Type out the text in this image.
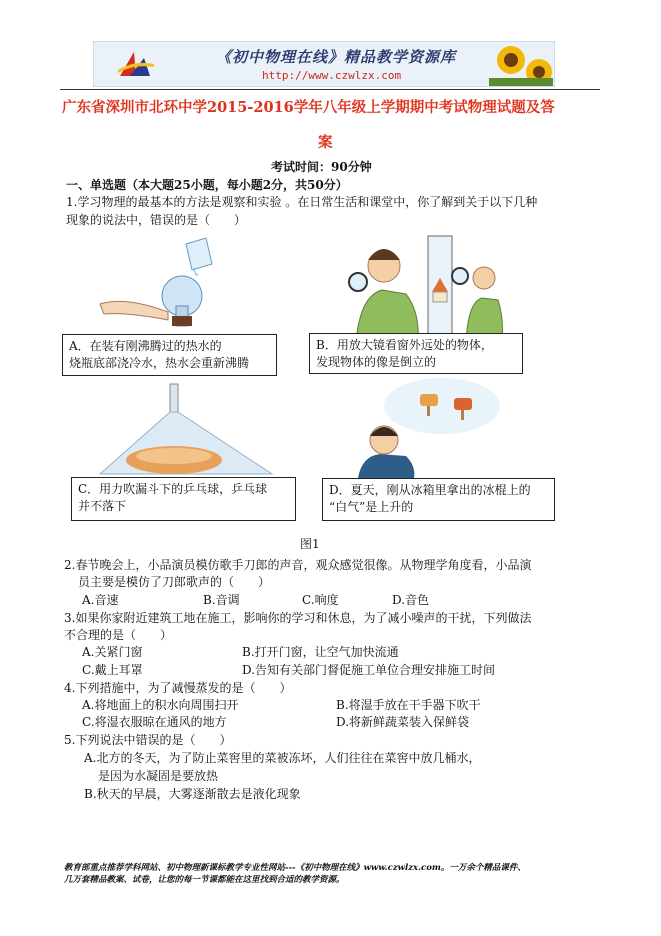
《初中物理在线》精品教学资源库
http://www.czwlzx.com
广东省深圳市北环中学2015-2016学年八年级上学期期中考试物理试题及答
案
考试时间：90分钟
一、单选题（本大题25小题，每小题2分，共50分）
1.学习物理的最基本的方法是观察和实验 。在日常生活和课堂中，你了解到关于以下几种
现象的说法中，错误的是（　　）
A．在装有刚沸腾过的热水的
烧瓶底部浇冷水，热水会重新沸腾
B．用放大镜看窗外远处的物体，
发现物体的像是倒立的
C．用力吹漏斗下的乒乓球，乒乓球
并不落下
D．夏天，刚从冰箱里拿出的冰棍上的
“白气”是上升的
图1
2.春节晚会上，小品演员模仿歌手刀郎的声音，观众感觉很像。从物理学角度看，小品演
员主要是模仿了刀郎歌声的（　　）
A.音速	B.音调	C.响度	D.音色
3.如果你家附近建筑工地在施工，影响你的学习和休息，为了减小噪声的干扰，下列做法
不合理的是（　　）
A.关紧门窗	B.打开门窗，让空气加快流通
C.戴上耳罩	D.告知有关部门督促施工单位合理安排施工时间
4.下列措施中，为了减慢蒸发的是（　　）
A.将地面上的积水向周围扫开	B.将湿手放在干手器下吹干
C.将湿衣服晾在通风的地方	D.将新鲜蔬菜装入保鲜袋
5.下列说法中错误的是（　　）
A.北方的冬天，为了防止菜窖里的菜被冻坏，人们往往在菜窖中放几桶水，
是因为水凝固是要放热
B.秋天的早晨，大雾逐渐散去是液化现象
教育部重点推荐学科网站、初中物理新课标教学专业性网站---《初中物理在线》www.czwlzx.com。一万余个精品课件、
几万套精品教案、试卷，让您的每一节课都能在这里找到合适的教学资源。
